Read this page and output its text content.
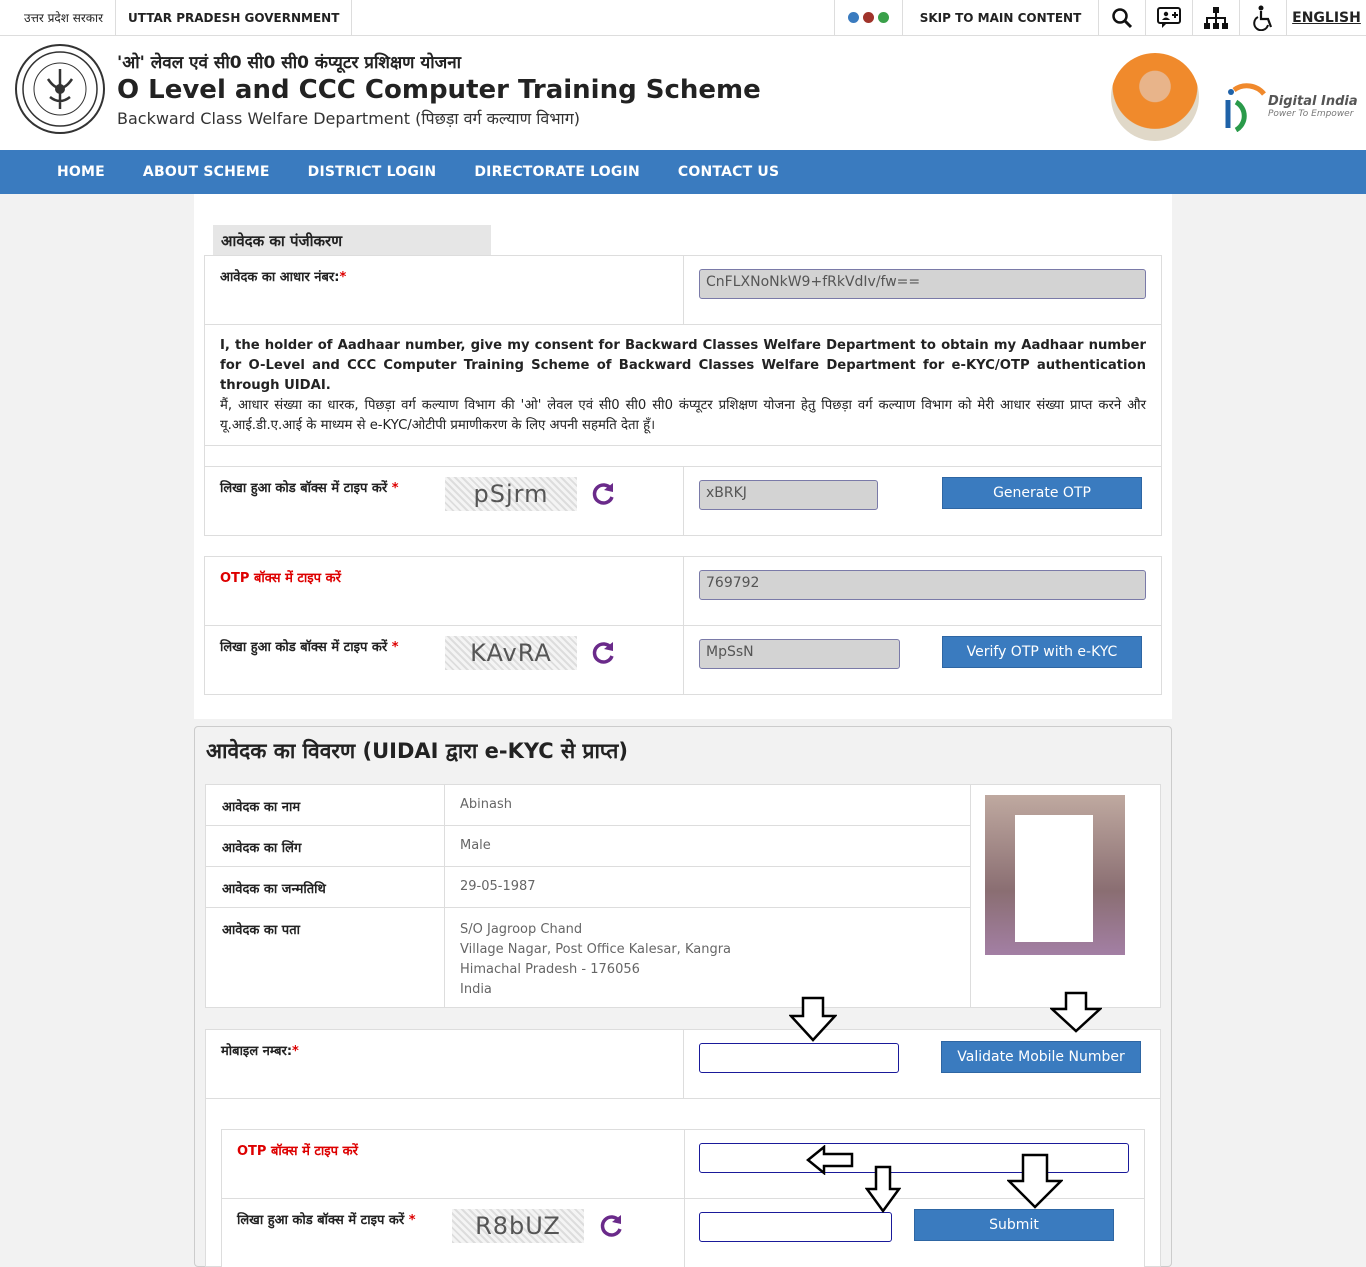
उत्तर प्रदेश सरकार	UTTAR PRADESH GOVERNMENT	SKIP TO MAIN CONTENT	ENGLISH
'ओ' लेवल एवं सी0 सी0 सी0 कंप्यूटर प्रशिक्षण योजना
O Level and CCC Computer Training Scheme
Backward Class Welfare Department (पिछड़ा वर्ग कल्याण विभाग)
Digital India
Power To Empower
HOME	ABOUT SCHEME	DISTRICT LOGIN	DIRECTORATE LOGIN	CONTACT US
आवेदक का पंजीकरण
आवेदक का आधार नंबर:*	CnFLXNoNkW9+fRkVdIv/fw==
I, the holder of Aadhaar number, give my consent for Backward Classes Welfare Department to obtain my Aadhaar number for O-Level and CCC Computer Training Scheme of Backward Classes Welfare Department for e-KYC/OTP authentication through UIDAI.
मैं, आधार संख्या का धारक, पिछड़ा वर्ग कल्याण विभाग की 'ओ' लेवल एवं सी0 सी0 सी0 कंप्यूटर प्रशिक्षण योजना हेतु पिछड़ा वर्ग कल्याण विभाग को मेरी आधार संख्या प्राप्त करने और यू.आई.डी.ए.आई के माध्यम से e-KYC/ओटीपी प्रमाणीकरण के लिए अपनी सहमति देता हूँ।
लिखा हुआ कोड बॉक्स में टाइप करें *	pSjrm	xBRKJ	Generate OTP
OTP बॉक्स में टाइप करें	769792
लिखा हुआ कोड बॉक्स में टाइप करें *	KAvRA	MpSsN	Verify OTP with e-KYC
आवेदक का विवरण (UIDAI द्वारा e-KYC से प्राप्त)
आवेदक का नाम	Abinash
आवेदक का लिंग	Male
आवेदक का जन्मतिथि	29-05-1987
आवेदक का पता	S/O Jagroop Chand
Village Nagar, Post Office Kalesar, Kangra
Himachal Pradesh - 176056
India
मोबाइल नम्बर:*	Validate Mobile Number
OTP बॉक्स में टाइप करें
लिखा हुआ कोड बॉक्स में टाइप करें *	R8bUZ	Submit
